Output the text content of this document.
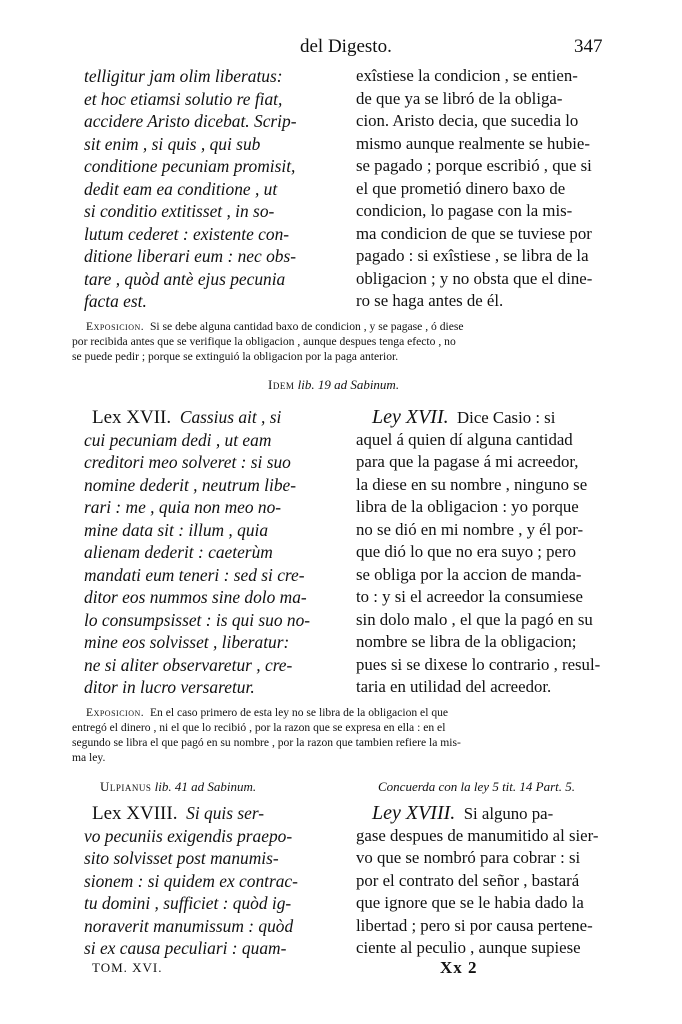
del Digesto.	347
telligitur jam olim liberatus:
et hoc etiamsi solutio re fiat,
accidere Aristo dicebat. Scrip-
sit enim , si quis , qui sub
conditione pecuniam promisit,
dedit eam ea conditione , ut
si conditio extitisset , in so-
lutum cederet : existente con-
ditione liberari eum : nec obs-
tare , quòd antè ejus pecunia
facta est.
exîstiese la condicion , se entien-
de que ya se libró de la obliga-
cion. Aristo decia, que sucedia lo
mismo aunque realmente se hubie-
se pagado ; porque escribió , que si
el que prometió dinero baxo de
condicion, lo pagase con la mis-
ma condicion de que se tuviese por
pagado : si exîstiese , se libra de la
obligacion ; y no obsta que el dine-
ro se haga antes de él.
Exposicion. Si se debe alguna cantidad baxo de condicion , y se pagase , ó diese
por recibida antes que se verifique la obligacion , aunque despues tenga efecto , no
se puede pedir ; porque se extinguió la obligacion por la paga anterior.
Idem lib. 19 ad Sabinum.
Lex XVII. Cassius ait , si
cui pecuniam dedi , ut eam
creditori meo solveret : si suo
nomine dederit , neutrum libe-
rari : me , quia non meo no-
mine data sit : illum , quia
alienam dederit : caeterùm
mandati eum teneri : sed si cre-
ditor eos nummos sine dolo ma-
lo consumpsisset : is qui suo no-
mine eos solvisset , liberatur:
ne si aliter observaretur , cre-
ditor in lucro versaretur.
Ley XVII. Dice Casio : si
aquel á quien dí alguna cantidad
para que la pagase á mi acreedor,
la diese en su nombre , ninguno se
libra de la obligacion : yo porque
no se dió en mi nombre , y él por-
que dió lo que no era suyo ; pero
se obliga por la accion de manda-
to : y si el acreedor la consumiese
sin dolo malo , el que la pagó en su
nombre se libra de la obligacion;
pues si se dixese lo contrario , resul-
taria en utilidad del acreedor.
Exposicion. En el caso primero de esta ley no se libra de la obligacion el que
entregó el dinero , ni el que lo recibió , por la razon que se expresa en ella : en el
segundo se libra el que pagó en su nombre , por la razon que tambien refiere la mis-
ma ley.
Ulpianus lib. 41 ad Sabinum.	Concuerda con la ley 5 tit. 14 Part. 5.
Lex XVIII. Si quis ser-
vo pecuniis exigendis praepo-
sito solvisset post manumis-
sionem : si quidem ex contrac-
tu domini , sufficiet : quòd ig-
noraverit manumissum : quòd
si ex causa peculiari : quam-
Ley XVIII. Si alguno pa-
gase despues de manumitido al sier-
vo que se nombró para cobrar : si
por el contrato del señor , bastará
que ignore que se le habia dado la
libertad ; pero si por causa pertene-
ciente al peculio , aunque supiese
TOM. XVI.	Xx 2
